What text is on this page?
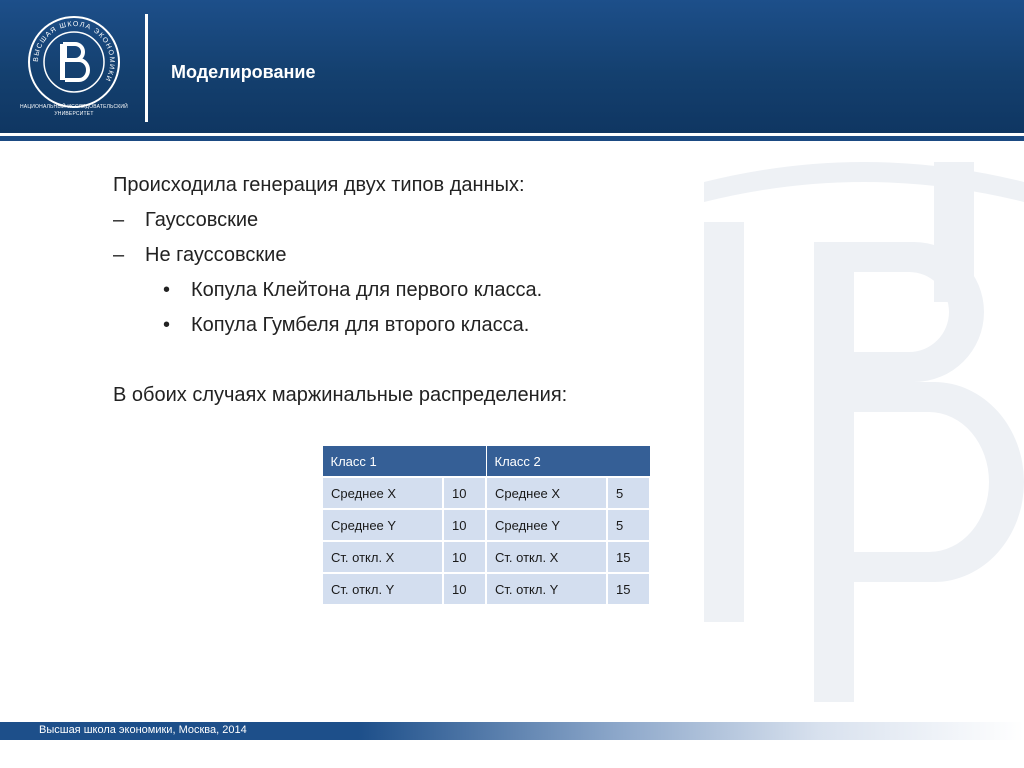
ВЫСШАЯ ШКОЛА ЭКОНОМИКИ
НАЦИОНАЛЬНЫЙ ИССЛЕДОВАТЕЛЬСКИЙ УНИВЕРСИТЕТ
Моделирование
Происходила генерация двух типов данных:
– Гауссовские
– Не гауссовские
• Копула Клейтона для первого класса.
• Копула Гумбеля для второго класса.
В обоих случаях маржинальные распределения:
Класс 1		Класс 2	
Среднее X	10	Среднее X	5
Среднее Y	10	Среднее Y	5
Ст. откл. X	10	Ст. откл. X	15
Ст. откл. Y	10	Ст. откл. Y	15
Высшая школа экономики, Москва, 2014
